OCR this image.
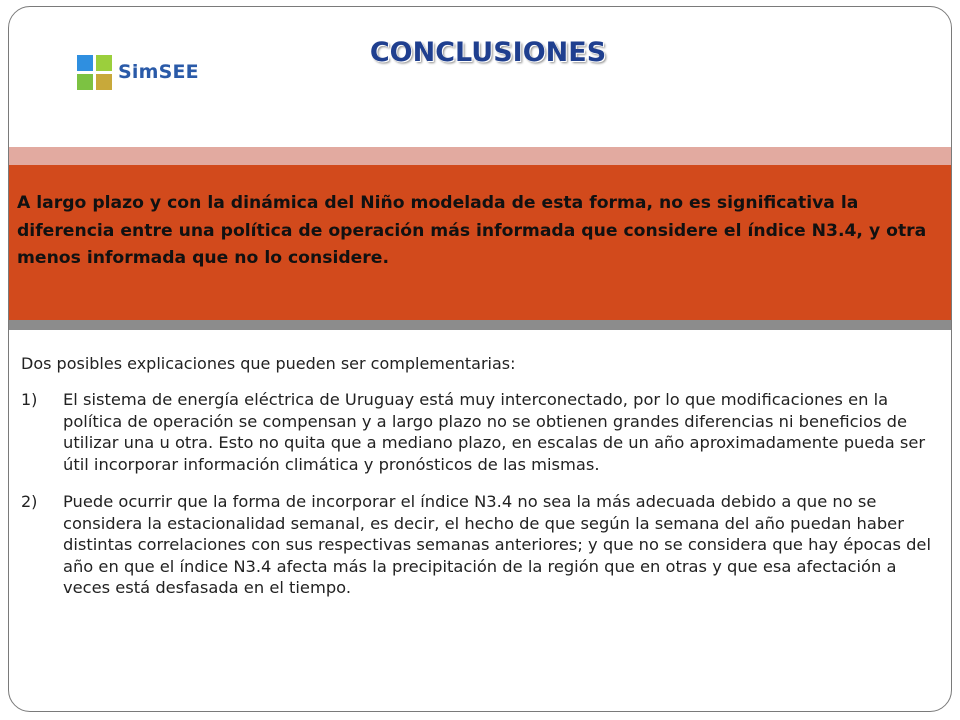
SimSEE
CONCLUSIONES

A largo plazo y con la dinámica del Niño modelada de esta forma, no es significativa la diferencia entre una política de operación más informada que considere el índice N3.4, y otra menos informada que no lo considere.

Dos posibles explicaciones que pueden ser complementarias:

1)	El sistema de energía eléctrica de Uruguay está muy interconectado, por lo que modificaciones en la política de operación se compensan y a largo plazo no se obtienen grandes diferencias ni beneficios de utilizar una u otra. Esto no quita que a mediano plazo, en escalas de un año aproximadamente pueda ser útil incorporar información climática y pronósticos de las mismas.
2)	Puede ocurrir que la forma de incorporar el índice N3.4 no sea la más adecuada debido a que no se considera la estacionalidad semanal, es decir, el hecho de que según la semana del año puedan haber distintas correlaciones con sus respectivas semanas anteriores; y que no se considera que hay épocas del año en que el índice N3.4 afecta más la precipitación de la región que en otras y que esa afectación a veces está desfasada en el tiempo.
